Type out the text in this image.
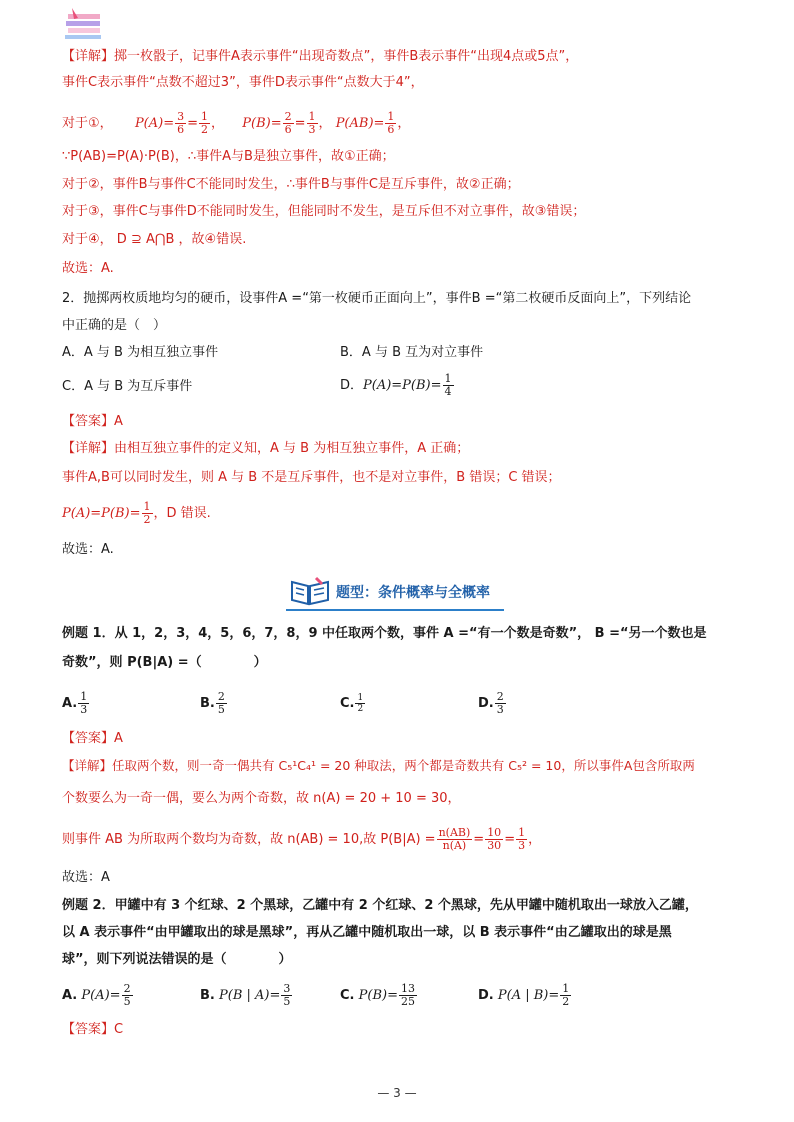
【详解】掷一枚骰子，记事件A表示事件“出现奇数点”，事件B表示事件“出现4点或5点”，
事件C表示事件“点数不超过3”，事件D表示事件“点数大于4”，
对于①， $P(A)= \frac{3}{6} = \frac{1}{2}$ ，  $P(B)= \frac{2}{6} = \frac{1}{3}$ ， $P(AB)= \frac{1}{6}$ ，
∵P(AB)=P(A)·P(B)，∴事件A与B是独立事件，故①正确；
对于②，事件B与事件C不能同时发生，∴事件B与事件C是互斥事件，故②正确；
对于③，事件C与事件D不能同时发生，但能同时不发生，是互斥但不对立事件，故③错误；
对于④， D ⊇ A⋂B ，故④错误.
故选：A.
2．抛掷两枚质地均匀的硬币，设事件A =“第一枚硬币正面向上”，事件B =“第二枚硬币反面向上”，下列结论
中正确的是（　）
A．A 与 B 为相互独立事件	B．A 与 B 互为对立事件
C．A 与 B 为互斥事件	D．$P(A)=P(B)= \frac{1}{4}$
【答案】A
【详解】由相互独立事件的定义知，A 与 B 为相互独立事件，A 正确；
事件A,B可以同时发生，则 A 与 B 不是互斥事件，也不是对立事件，B 错误；C 错误；
$P(A)=P(B)= \frac{1}{2}$ ，D 错误.
故选：A.
题型：条件概率与全概率
例题 1．从 1，2，3，4，5，6，7，8，9 中任取两个数，事件 A =“有一个数是奇数”， B =“另一个数也是
奇数”，则 P(B|A) =（　　　　）
A. $\frac{1}{3}$	B. $\frac{2}{5}$	C. $\frac{1}{2}$	D. $\frac{2}{3}$
【答案】A
【详解】任取两个数，则一奇一偶共有 C₅¹C₄¹ = 20 种取法，两个都是奇数共有 C₅² = 10，所以事件A包含所取两
个数要么为一奇一偶，要么为两个奇数，故 n(A) = 20 + 10 = 30，
则事件 AB 为所取两个数均为奇数，故 n(AB) = 10,故 $P(B|A) = \frac{n(AB)}{n(A)} = \frac{10}{30} = \frac{1}{3}$ ，
故选：A
例题 2．甲罐中有 3 个红球、2 个黑球，乙罐中有 2 个红球、2 个黑球，先从甲罐中随机取出一球放入乙罐，
以 A 表示事件“由甲罐取出的球是黑球”，再从乙罐中随机取出一球，以 B 表示事件“由乙罐取出的球是黑
球”，则下列说法错误的是（　　　　）
A. $P(A)= \frac{2}{5}$	B. P(B | $A)= \frac{3}{5}$	C. $P(B)= \frac{13}{25}$	D. P(A | $B)= \frac{1}{2}$
【答案】C
— 3 —
